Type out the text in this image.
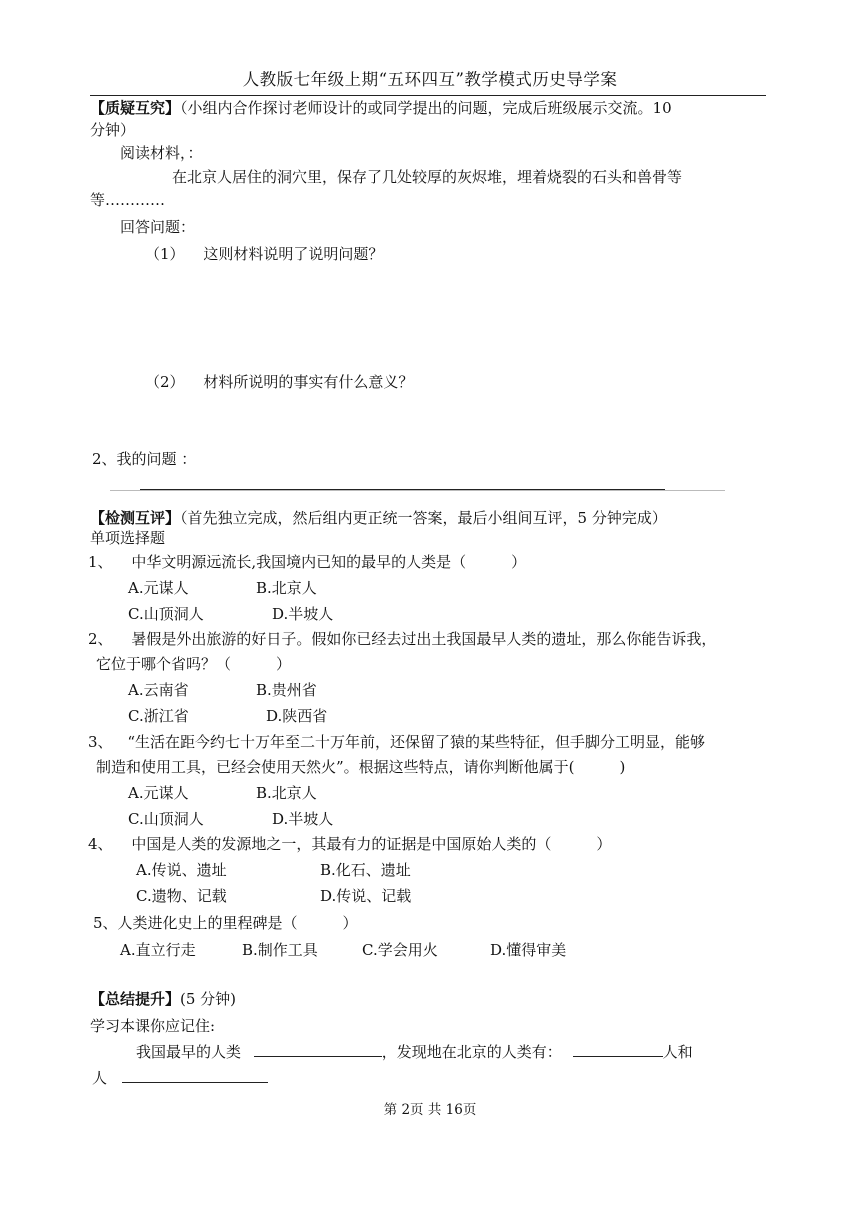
人教版七年级上期“五环四互”教学模式历史导学案
【质疑互究】（小组内合作探讨老师设计的或同学提出的问题，完成后班级展示交流。10
分钟）
阅读材料，：
在北京人居住的洞穴里，保存了几处较厚的灰烬堆，埋着烧裂的石头和兽骨等
等…………
回答问题：
（1） 这则材料说明了说明问题？
（2） 材料所说明的事实有什么意义？
2、我的问题 ：
【检测互评】（首先独立完成，然后组内更正统一答案，最后小组间互评，5 分钟完成）
单项选择题
1、 中华文明源远流长,我国境内已知的最早的人类是（　　　）
A.元谋人	B.北京人
C.山顶洞人	D.半坡人
2、 暑假是外出旅游的好日子。假如你已经去过出土我国最早人类的遗址，那么你能告诉我，
它位于哪个省吗？（　　　）
A.云南省	B.贵州省
C.浙江省	D.陕西省
3、 “生活在距今约七十万年至二十万年前，还保留了猿的某些特征，但手脚分工明显，能够
制造和使用工具，已经会使用天然火”。根据这些特点，请你判断他属于(　　　)
A.元谋人	B.北京人
C.山顶洞人	D.半坡人
4、 中国是人类的发源地之一，其最有力的证据是中国原始人类的（　　　）
A.传说、遗址	B.化石、遗址
C.遗物、记载	D.传说、记载
5、人类进化史上的里程碑是（　　　）
A.直立行走	B.制作工具	C.学会用火	D.懂得审美
【总结提升】(5 分钟)
学习本课你应记住:
我国最早的人类	，发现地在北京的人类有：	人和
人
第 2页 共 16页
